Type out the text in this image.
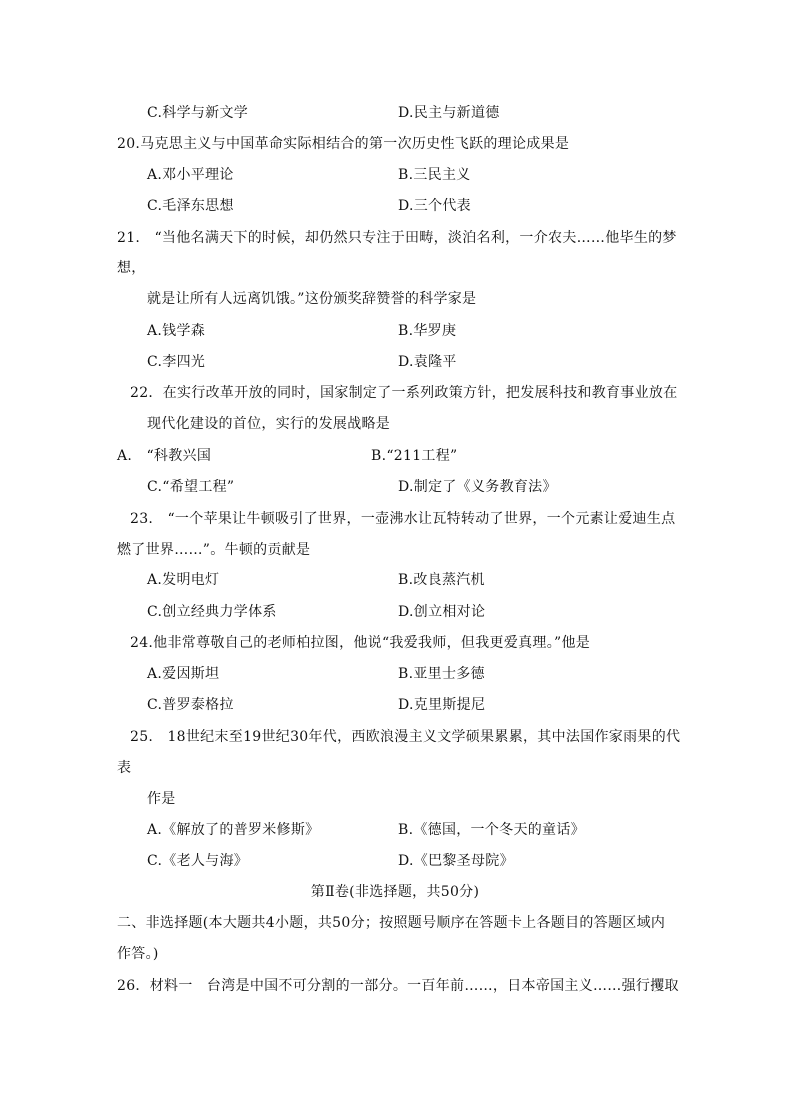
C.科学与新文学	D.民主与新道德
20.马克思主义与中国革命实际相结合的第一次历史性飞跃的理论成果是
A.邓小平理论	B.三民主义
C.毛泽东思想	D.三个代表
21.　“当他名满天下的时候，却仍然只专注于田畴，淡泊名利，一介农夫……他毕生的梦
想，
就是让所有人远离饥饿。”这份颁奖辞赞誉的科学家是
A.钱学森	B.华罗庚
C.李四光	D.袁隆平
22．在实行改革开放的同时，国家制定了一系列政策方针，把发展科技和教育事业放在
现代化建设的首位，实行的发展战略是
A.　“科教兴国	B.“211工程”
C.“希望工程”	D.制定了《义务教育法》
23.　“一个苹果让牛顿吸引了世界，一壶沸水让瓦特转动了世界，一个元素让爱迪生点
燃了世界……”。牛顿的贡献是
A.发明电灯	B.改良蒸汽机
C.创立经典力学体系	D.创立相对论
24.他非常尊敬自己的老师柏拉图，他说“我爱我师，但我更爱真理。”他是
A.爱因斯坦	B.亚里士多德
C.普罗泰格拉	D.克里斯提尼
25.　18世纪末至19世纪30年代，西欧浪漫主义文学硕果累累，其中法国作家雨果的代
表
作是
A.《解放了的普罗米修斯》	B.《德国，一个冬天的童话》
C.《老人与海》	D.《巴黎圣母院》
第Ⅱ卷(非选择题，共50分)
二、非选择题(本大题共4小题，共50分；按照题号顺序在答题卡上各题目的答题区域内
作答。)
26．材料一　台湾是中国不可分割的一部分。一百年前……，日本帝国主义……强行攫取
